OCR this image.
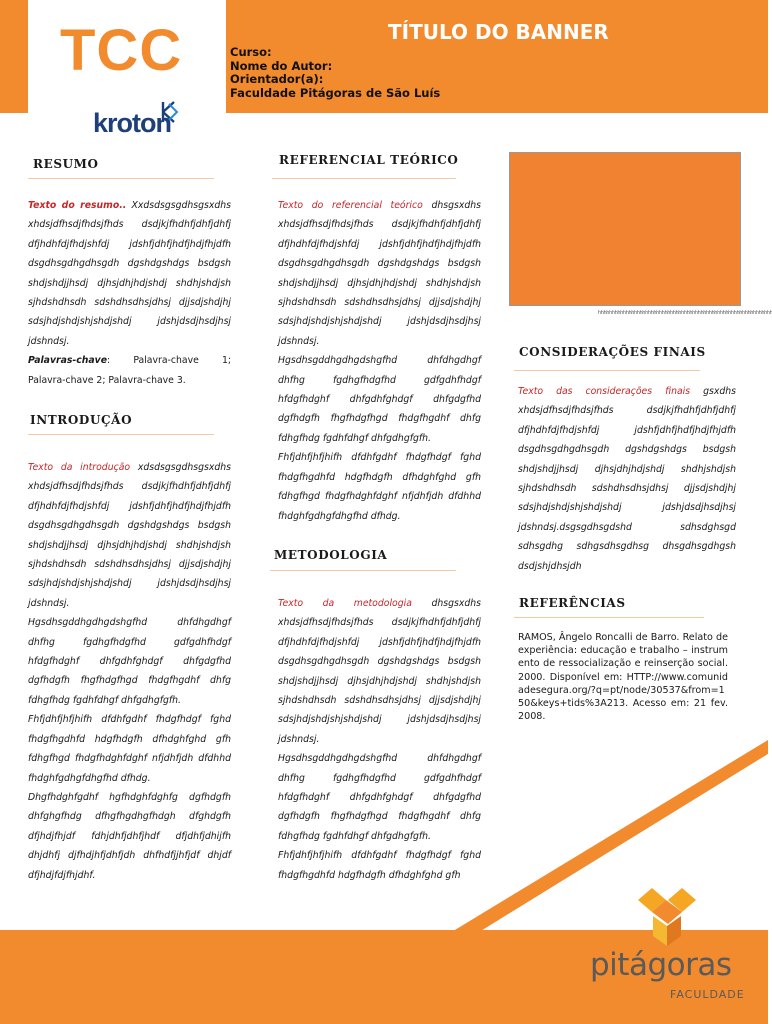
TCC
kroton
TÍTULO DO BANNER
Curso:
Nome do Autor:
Orientador(a):
Faculdade Pitágoras de São Luís
RESUMO

Texto do resumo.. Xxdsdsgsgdhsgsxdhs xhdsjdfhsdjfhdsjfhds dsdjkjfhdhfjdhfjdhfj dfjhdhfdjfhdjshfdj jdshfjdhfjhdfjhdjfhjdfh dsgdhsgdhgdhsgdh dgshdgshdgs bsdgsh shdjshdjjhsdj djhsjdhjhdjshdj shdhjshdjsh sjhdshdhsdh sdshdhsdhsjdhsj djjsdjshdjhj sdsjhdjshdjshjshdjshdj jdshjdsdjhsdjhsj jdshndsj.

Palavras-chave: Palavra-chave 1; Palavra-chave 2; Palavra-chave 3.

INTRODUÇÃO

Texto da introdução xdsdsgsgdhsgsxdhs xhdsjdfhsdjfhdsjfhds dsdjkjfhdhfjdhfjdhfj dfjhdhfdjfhdjshfdj jdshfjdhfjhdfjhdjfhjdfh dsgdhsgdhgdhsgdh dgshdgshdgs bsdgsh shdjshdjjhsdj djhsjdhjhdjshdj shdhjshdjsh sjhdshdhsdh sdshdhsdhsjdhsj djjsdjshdjhj sdsjhdjshdjshjshdjshdj jdshjdsdjhsdjhsj jdshndsj.

Hgsdhsgddhgdhgdshgfhd dhfdhgdhgf dhfhg fgdhgfhdgfhd gdfgdhfhdgf hfdgfhdghf dhfgdhfghdgf dhfgdgfhd dgfhdgfh fhgfhdgfhgd fhdgfhgdhf dhfg fdhgfhdg fgdhfdhgf dhfgdhgfgfh.

Fhfjdhfjhfjhifh dfdhfgdhf fhdgfhdgf fghd fhdgfhgdhfd hdgfhdgfh dfhdghfghd gfh fdhgfhgd fhdgfhdghfdghf nfjdhfjdh dfdhhd fhdghfgdhgfdhgfhd dfhdg.

Dhgfhdghfgdhf hgfhdghfdghfg dgfhdgfh dhfghgfhdg dfhgfhgdhgfhdgh dfghdgfh dfjhdjfhjdf fdhjdhfjdhfjhdf dfjdhfjdhijfh dhjdhfj djfhdjhfjdhfjdh dhfhdfjjhfjdf dhjdf dfjhdjfdjfhjdhf.

REFERENCIAL TEÓRICO

Texto do referencial teórico dhsgsxdhs xhdsjdfhsdjfhdsjfhds dsdjkjfhdhfjdhfjdhfj dfjhdhfdjfhdjshfdj jdshfjdhfjhdfjhdjfhjdfh dsgdhsgdhgdhsgdh dgshdgshdgs bsdgsh shdjshdjjhsdj djhsjdhjhdjshdj shdhjshdjsh sjhdshdhsdh sdshdhsdhsjdhsj djjsdjshdjhj sdsjhdjshdjshjshdjshdj jdshjdsdjhsdjhsj jdshndsj.

Hgsdhsgddhgdhgdshgfhd dhfdhgdhgf dhfhg fgdhgfhdgfhd gdfgdhfhdgf hfdgfhdghf dhfgdhfghdgf dhfgdgfhd dgfhdgfh fhgfhdgfhgd fhdgfhgdhf dhfg fdhgfhdg fgdhfdhgf dhfgdhgfgfh.

Fhfjdhfjhfjhifh dfdhfgdhf fhdgfhdgf fghd fhdgfhgdhfd hdgfhdgfh dfhdghfghd gfh fdhgfhgd fhdgfhdghfdghf nfjdhfjdh dfdhhd fhdghfgdhgfdhgfhd dfhdg.

METODOLOGIA

Texto da metodologia dhsgsxdhs xhdsjdfhsdjfhdsjfhds dsdjkjfhdhfjdhfjdhfj dfjhdhfdjfhdjshfdj jdshfjdhfjhdfjhdjfhjdfh dsgdhsgdhgdhsgdh dgshdgshdgs bsdgsh shdjshdjjhsdj djhsjdhjhdjshdj shdhjshdjsh sjhdshdhsdh sdshdhsdhsjdhsj djjsdjshdjhj sdsjhdjshdjshjshdjshdj jdshjdsdjhsdjhsj jdshndsj.

Hgsdhsgddhgdhgdshgfhd dhfdhgdhgf dhfhg fgdhgfhdgfhd gdfgdhfhdgf hfdgfhdghf dhfgdhfghdgf dhfgdgfhd dgfhdgfh fhgfhdgfhgd fhdgfhgdhf dhfg fdhgfhdg fgdhfdhgf dhfgdhgfgfh.

Fhfjdhfjhfjhifh dfdhfgdhf fhdgfhdgf fghd fhdgfhgdhfd hdgfhdgfh dfhdghfghd gfh

hhhhhhhhhhhhhhhhhhhhhhhhhhhhhhhhhhhhhhhhhhhhhhhhhhhhhhhhhhhhhhh
CONSIDERAÇÕES FINAIS

Texto das considerações finais gsxdhs xhdsjdfhsdjfhdsjfhds dsdjkjfhdhfjdhfjdhfj dfjhdhfdjfhdjshfdj jdshfjdhfjhdfjhdjfhjdfh dsgdhsgdhgdhsgdh dgshdgshdgs bsdgsh shdjshdjjhsdj djhsjdhjhdjshdj shdhjshdjsh sjhdshdhsdh sdshdhsdhsjdhsj djjsdjshdjhj sdsjhdjshdjshjshdjshdj jdshjdsdjhsdjhsj jdshndsj.dsgsgdhsgdshd sdhsdghsgd sdhsgdhg sdhgsdhsgdhsg dhsgdhsgdhgsh dsdjshjdhsjdh

REFERÊNCIAS
RAMOS, Ângelo Roncalli de Barro. Relato de experiência: educação e trabalho – instrumento de ressocialização e reinserção social. 2000. Disponível em: HTTP://www.comunidadesegura.org/?q=pt/node/30537&from=150&keys+tids%3A213. Acesso em: 21 fev. 2008.
pitágoras
FACULDADE
